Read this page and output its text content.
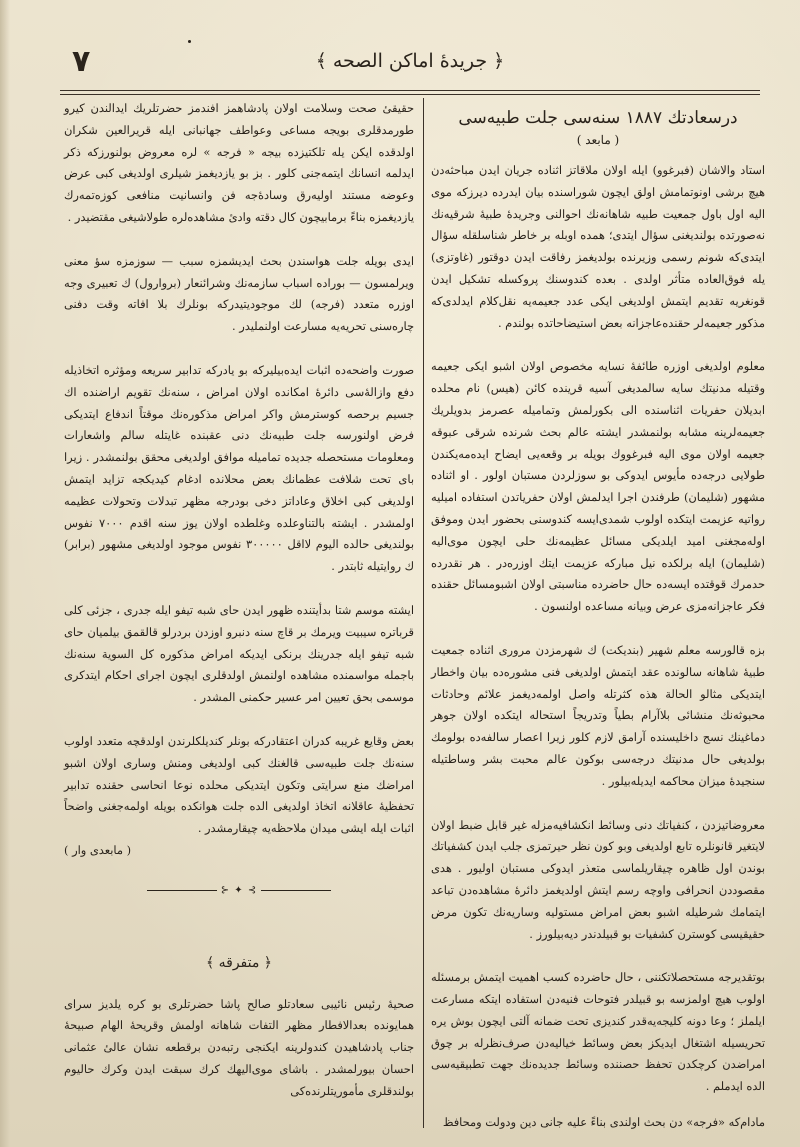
٧	﴿ جريدهٔ اماكن الصحه ﴾
درسعادتك ١٨٨٧ سنه‌سی جلت طبیه‌سی
( مابعد )

استاد والاشان (فبرغوو) ایله اولان ملاقاتز اثناده جریان ایدن مباحثه‌دن هیچ برشی اونوتمامش اولق ایچون شوراسنده بیان ایدرده دیرزکه موی الیه اول باول جمعیت طبیه شاهانه‌نك احوالنی وجریدهٔ طبیهٔ شرقیه‌نك نه‌صورتده بولندیغنی سؤال ایتدی؛ همده اوبله بر خاطر شناسلقله سؤال ایتدی‌كه شونم رسمی وزیرنده بولدیغمز رفاقت ایدن دوقتور (غاوتزی) یله فوق‌العاده متأثر اولدی . بعده کندوسنك پروکسله تشکیل ایدن قونغریه تقدیم ایتمش اولدیغی ایکی عدد جعیمه‌یه نقل‌کلام ایدلدی‌كه مذکور جعیمه‌لر حقنده‌عاجزانه بعض استیضاحاتده بولندم .

معلوم اولدیغی اوزره طائفهٔ نسایه مخصوص اولان اشبو ایکی جعیمه وقتیله مدنیتك سایه سالمدیغی آسیه قرینده كائن (هیس) نام محلده ابدیلان حفریات اثناسنده الی بکورلمش وتماميله عصرمز بدویلریك جعیمه‌لرینه مشابه بولنمشدر ایشته عالم بحث شرنده شرقی عبوقه جعیمه اولان موی الیه فبرغووك بویله بر وقعه‌یی ایضاح ایده‌مه‌یکندن طولایی درجه‌ده مأیوس ایدوكی بو سوزلردن مستبان اولور . او اثناده مشهور (شلیمان) طرفندن اجرا ایدلمش اولان حفریاتدن استفاده امیلیه رواتیه عزیمت ایتکده اولوب شمدی‌ایسه کندوسنی بحضور ایدن وموفق اوله‌مجغنی امید ایلدیکی مسائل عظیمه‌نك حلی ایچون موی‌الیه (شلیمان) ایله برلکده نیل مبارکه عزیمت ایتك اوزره‌در . هر نقدرده حدمرك قوقتده ایسه‌ده حال حاضرده مناسبتی اولان اشبومسائل حقنده فكر عاجزانه‌مزی عرض وبیانه مساعده اولنسون .

بزه قالورسه معلم شهیر (بندیکت) ك شهرمزدن مروری اثناده جمعیت طبیهٔ شاهانه سالونده عقد ایتمش اولدیغی فنی مشوره‌ده بیان واخطار ایتدیکی مثالو الحالة هذه کثرتله واصل اولمه‌دیغمز علائم وحادثات محبوثه‌نك منشائی بلاآرام بطیاً وتدریجاً استحاله ایتکده اولان جوهر دماغینك نسج داخلیسنده آرامق لازم کلور زیرا اعصار سالفه‌ده بولومك بولدیغی حال مدنیتك درجه‌سی بوکون عالم محبت بشر وساطتیله سنجیدهٔ میزان محاکمه ایدیله‌بیلور .

معروضاتیزدن ، کنفیاتك دنی وسائط انکشافیه‌مزله غیر قابل ضبط اولان لایتغیر قانونلره تابع اولدیغی وبو کون نظر حیرتمزی جلب ایدن کشفیاتك بوندن اول ظاهره چیقاریلماسی متعذر ایدوکی مستبان اولیور . هدی مقصوددن انحرافی واوچه رسم ایتش اولدیغمز دائرهٔ مشاهده‌دن تباعد ایتمامك شرطیله اشبو بعض امراض مستولیه وساریه‌نك تکون مرض حقیقیسی کوسترن کشفیات بو قبیلدندر دیه‌بیلورز .

بوتقدیرجه مستحصلاتکننی ، حال حاضرده کسب اهمیت ایتمش برمسئله اولوب هیچ اولمزسه بو قبیلدر فتوحات فنیه‌دن استفاده ایتکه مسارعت ایلملز ؛ وعا دونه کلیجه‌یه‌قدر کندیزی تحت ضمانه آلتی ایچون بوش یره تحریسیله اشتغال ایدیکز بعض وسائط خیالیه‌دن صرف‌نظرله بر چوق امراضدن کرچکدن تحفظ حصننده وسائط جدیده‌نك جهت تطبیقیه‌سی الده ایدملم .

مادام‌که «فرجه» دن بحث اولندی بناءً علیه جانی دین ودولت ومحافظ

حقیقیٔ صحت وسلامت اولان پادشاهمز افندمز حضرتلریك ایدالندن کیرو طورمدقلری بویجه مساعی وعواطف جهانبانی ایله قریرالعین شکران اولدقده ایکن یله تلکتیزده بیجه « فرجه » لره معروض بولنورزکه ذکر ایدلمه انسانك ایتمه‌جنی کلور . بز بو یازدیغمز شیلری اولدیغی کبی عرض وعوضه مستند اولیه‌رق وسادهٔ‌جه فن وانسانیت منافعی کوزه‌تمه‌رك یازدیغمزه بناءً برمابیچون کال دقته وادیٔ مشاهده‌لره طولاشیغی مقتضیدر .

ایدی بویله جلت هواسندن بحث ایدیشمزه سبب — سوزمزه سؤ معنی ویرلمسون — بوراده اسباب سازمه‌نك وشرائنعار (بروارول) ك تعبیری وجه اوزره متعدد (فرجه) لك موجودیتیدر‌كه بونلرك بلا افاته وقت دفنی چاره‌سنی تحریه‌یه مسارعت اولنملیدر .

صورت واضحه‌ده اثبات ایده‌بیلیرکه بو یادرکه تدابیر سریعه ومؤثره اتخاذیله دفع وازالهٔ‌سی دائرهٔ امکانده اولان امراض ، سنه‌نك تقویم اراضنده اك جسیم برحصه کوسترمش واکر امراض مذکوره‌نك موقتاً اندفاع ایتدیکی فرض اولنورسه جلت طبیه‌نك دنی عقبنده غایتله سالم واشعارات ومعلومات مستحصله جدیده تماميله موافق اولدیغی محقق بولنمشدر . زیرا بای تحت شلافت عظمانك بعض محلانده ادغام کیدیکجه تزاید ایتمش اولدیغی کبی اخلاق وعاداتز دخی بودرجه مظهر تبدلات وتحولات عظیمه اولمشدر . ایشته بالتناوعلده وغلطده اولان یوز سنه اقدم ٧٠٠٠ نفوس بولندیغی حالده الیوم لااقل ٣٠٠٠٠٠ نفوس موجود اولدیغی مشهور (برابر) ك روایتیله ثابتدر .

ایشته موسم شتا بدأیتنده ظهور ایدن حای شبه تیفو ایله جدری ، جزئی کلی قرباتره سیبیت ویرمك بر قاچ سنه دنبرو اوزدن بردرلو قالقمق بیلمیان حای شبه تیفو ایله جدرینك برنکی ایدیکه امراض مذکوره کل السوية سنه‌نك باجمله مواسمنده مشاهده اولنمش اولدقلری ایچون اجرای احکام ایتدکری موسمی بحق تعیین امر عسیر حکمنی المشدر .

بعض وقایع غریبه کدران اعتقادر‌كه بونلر کندیلکلرندن اولدقچه متعدد اولوب سنه‌نك جلت طبیه‌سی قالغنك کبی اولدیغی ومنش وساری اولان اشبو امراضك منع سرایتی وتکون ایتدیکی محلده نوعا انحاسی حقنده تدابیر تحفظیهٔ عاقلانه اتخاذ اولدیغی الده جلت هوانکده بویله اولمه‌جغنی واضحاً اثبات ایله ایشی میدان ملاحظه‌یه چیقارمشدر .

( مابعدی وار )
⊱ ✦ ⊰
﴿ متفرقه ﴾

صحیهٔ رئیس نائیبی سعادتلو صالح پاشا حضرتلری بو کره یلدیز سرای همایونده بعدالافطار مظهر التفات شاهانه اولمش وقریحهٔ الهام صبیحهٔ جناب پادشاهیدن کندولرینه ایکنجی رتبه‌دن برقطعه نشان عالیٔ عثمانی احسان بیورلمشدر . باشای موی‌الیهك کرك سبقت ایدن وکرك حالیوم بولندقلری مأموریتلرنده‌کی
